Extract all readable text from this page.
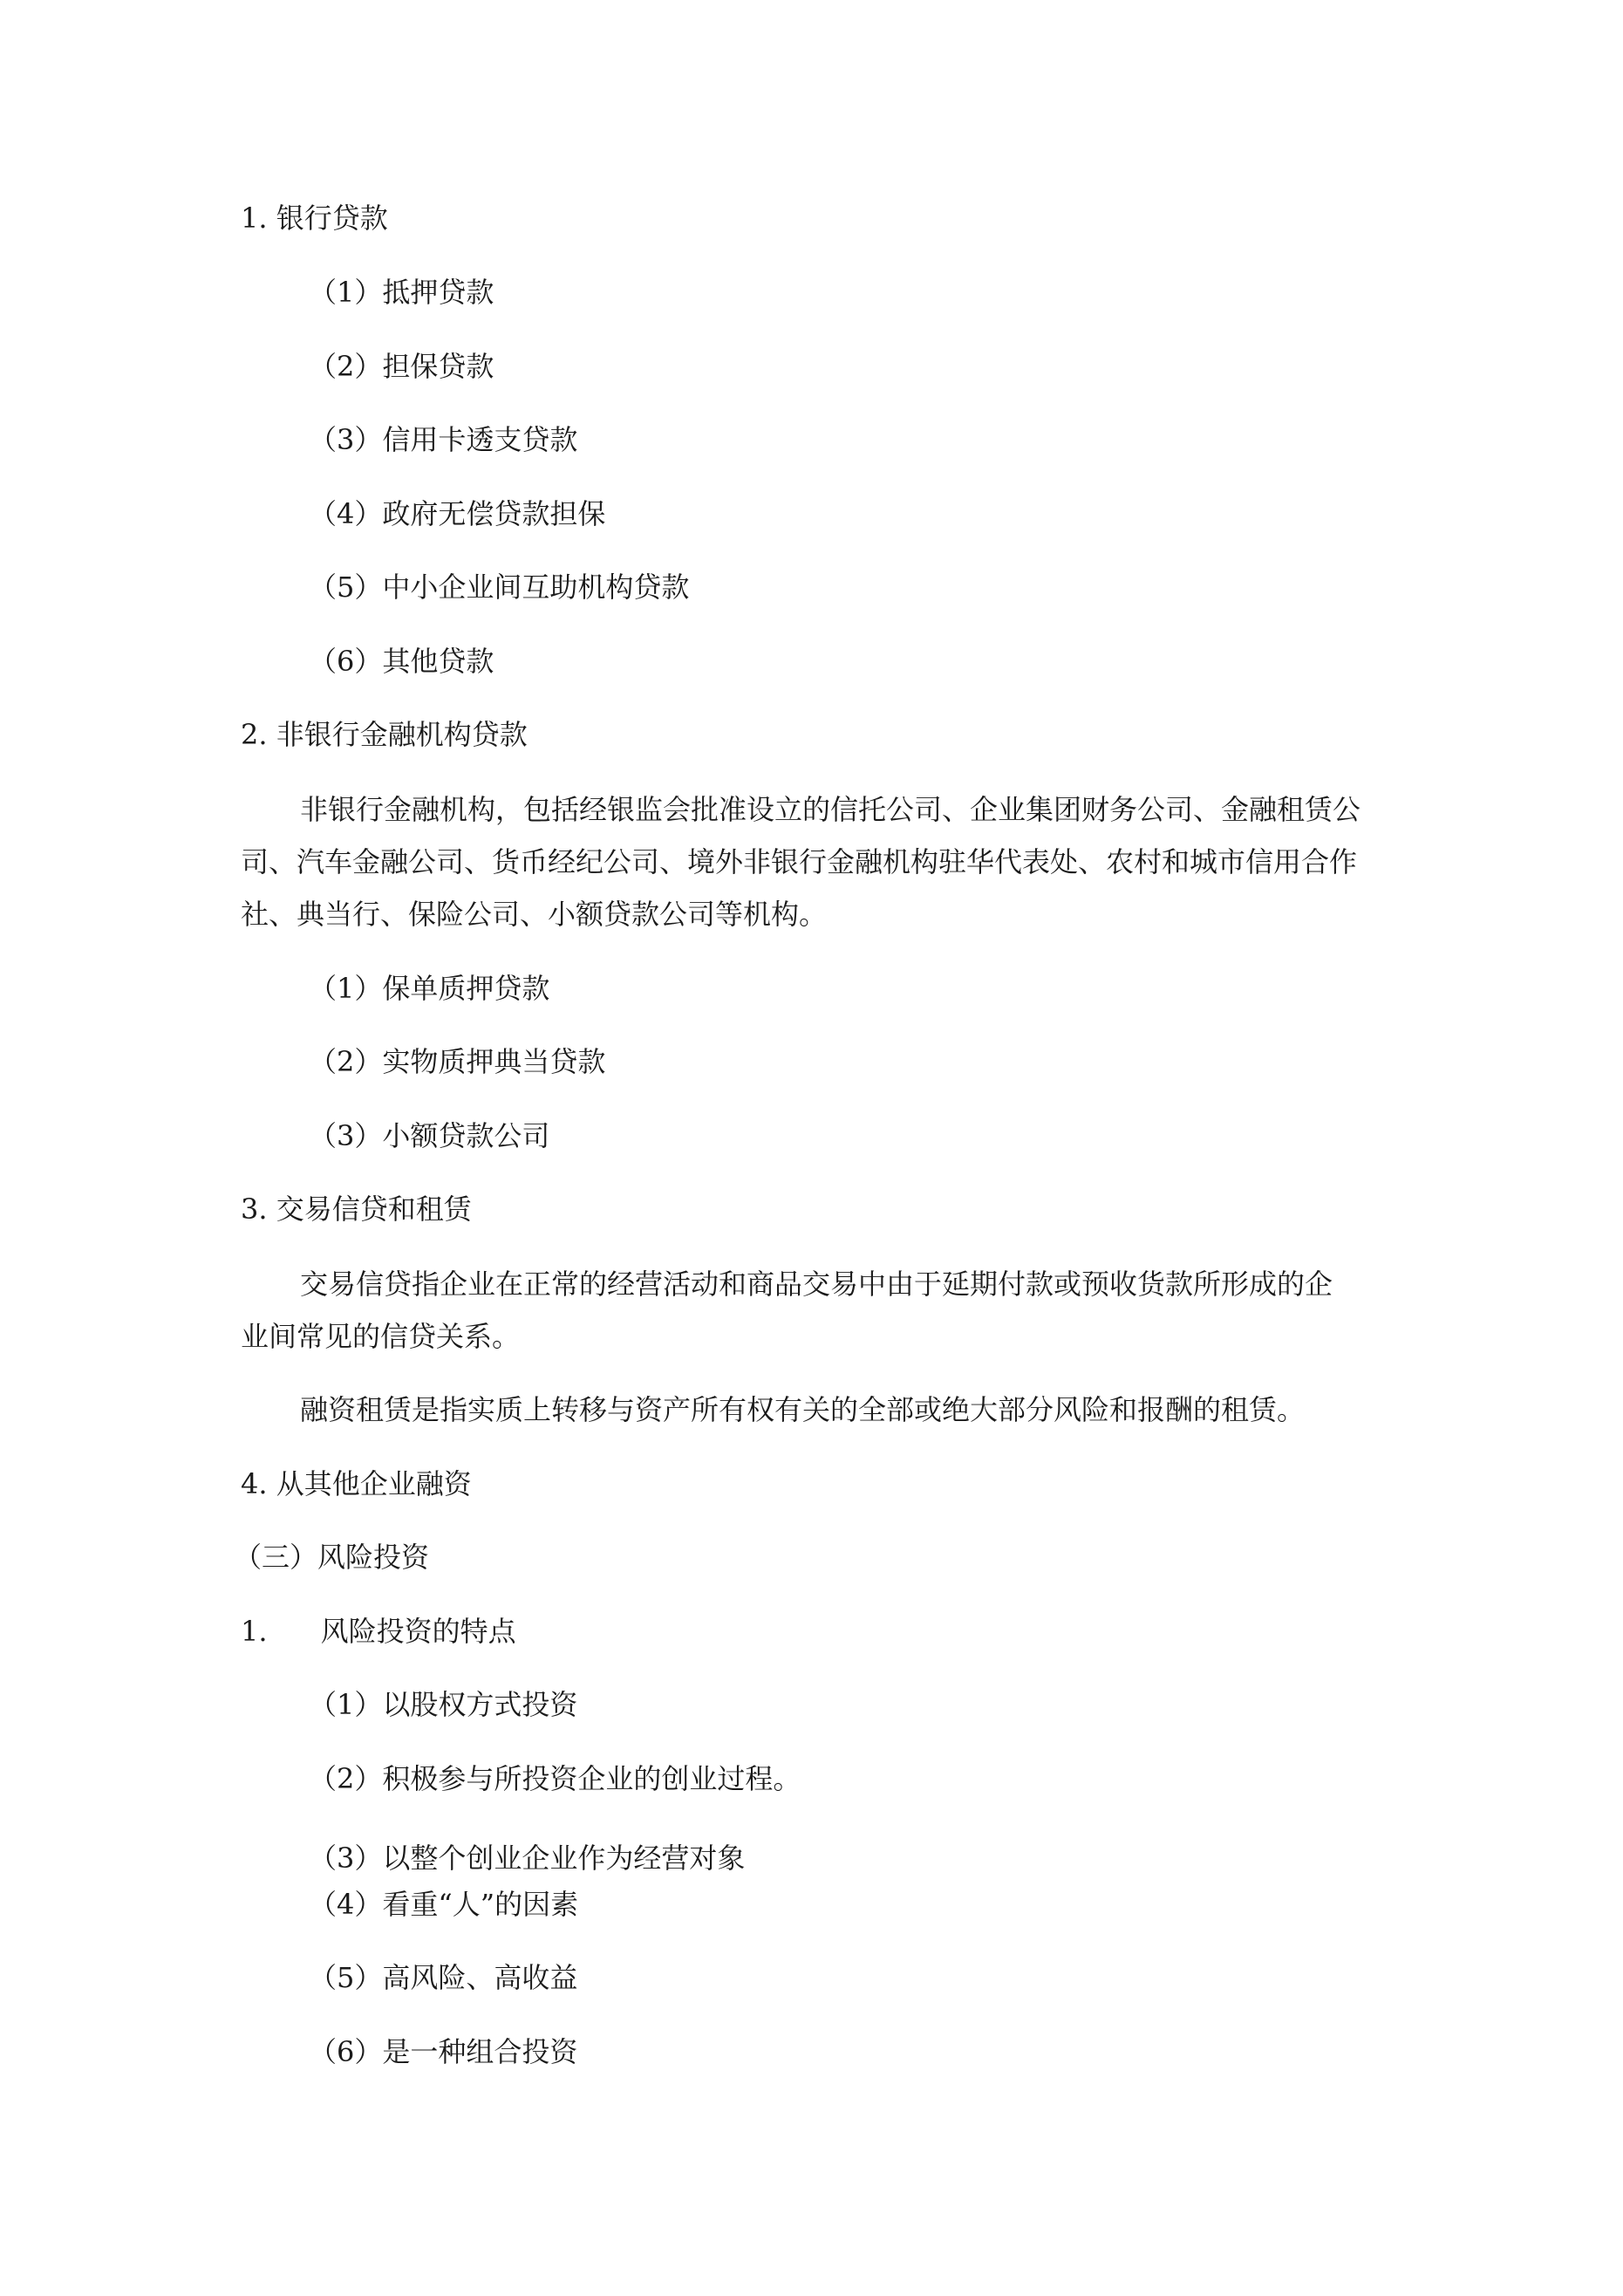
1. 银行贷款
（1）抵押贷款
（2）担保贷款
（3）信用卡透支贷款
（4）政府无偿贷款担保
（5）中小企业间互助机构贷款
（6）其他贷款
2. 非银行金融机构贷款
非银行金融机构，包括经银监会批准设立的信托公司、企业集团财务公司、金融租赁公
司、汽车金融公司、货币经纪公司、境外非银行金融机构驻华代表处、农村和城市信用合作
社、典当行、保险公司、小额贷款公司等机构。
（1）保单质押贷款
（2）实物质押典当贷款
（3）小额贷款公司
3. 交易信贷和租赁
交易信贷指企业在正常的经营活动和商品交易中由于延期付款或预收货款所形成的企
业间常见的信贷关系。
融资租赁是指实质上转移与资产所有权有关的全部或绝大部分风险和报酬的租赁。
4. 从其他企业融资
（三）风险投资
1.      风险投资的特点
（1）以股权方式投资
（2）积极参与所投资企业的创业过程。
（3）以整个创业企业作为经营对象
（4）看重“人”的因素
（5）高风险、高收益
（6）是一种组合投资
